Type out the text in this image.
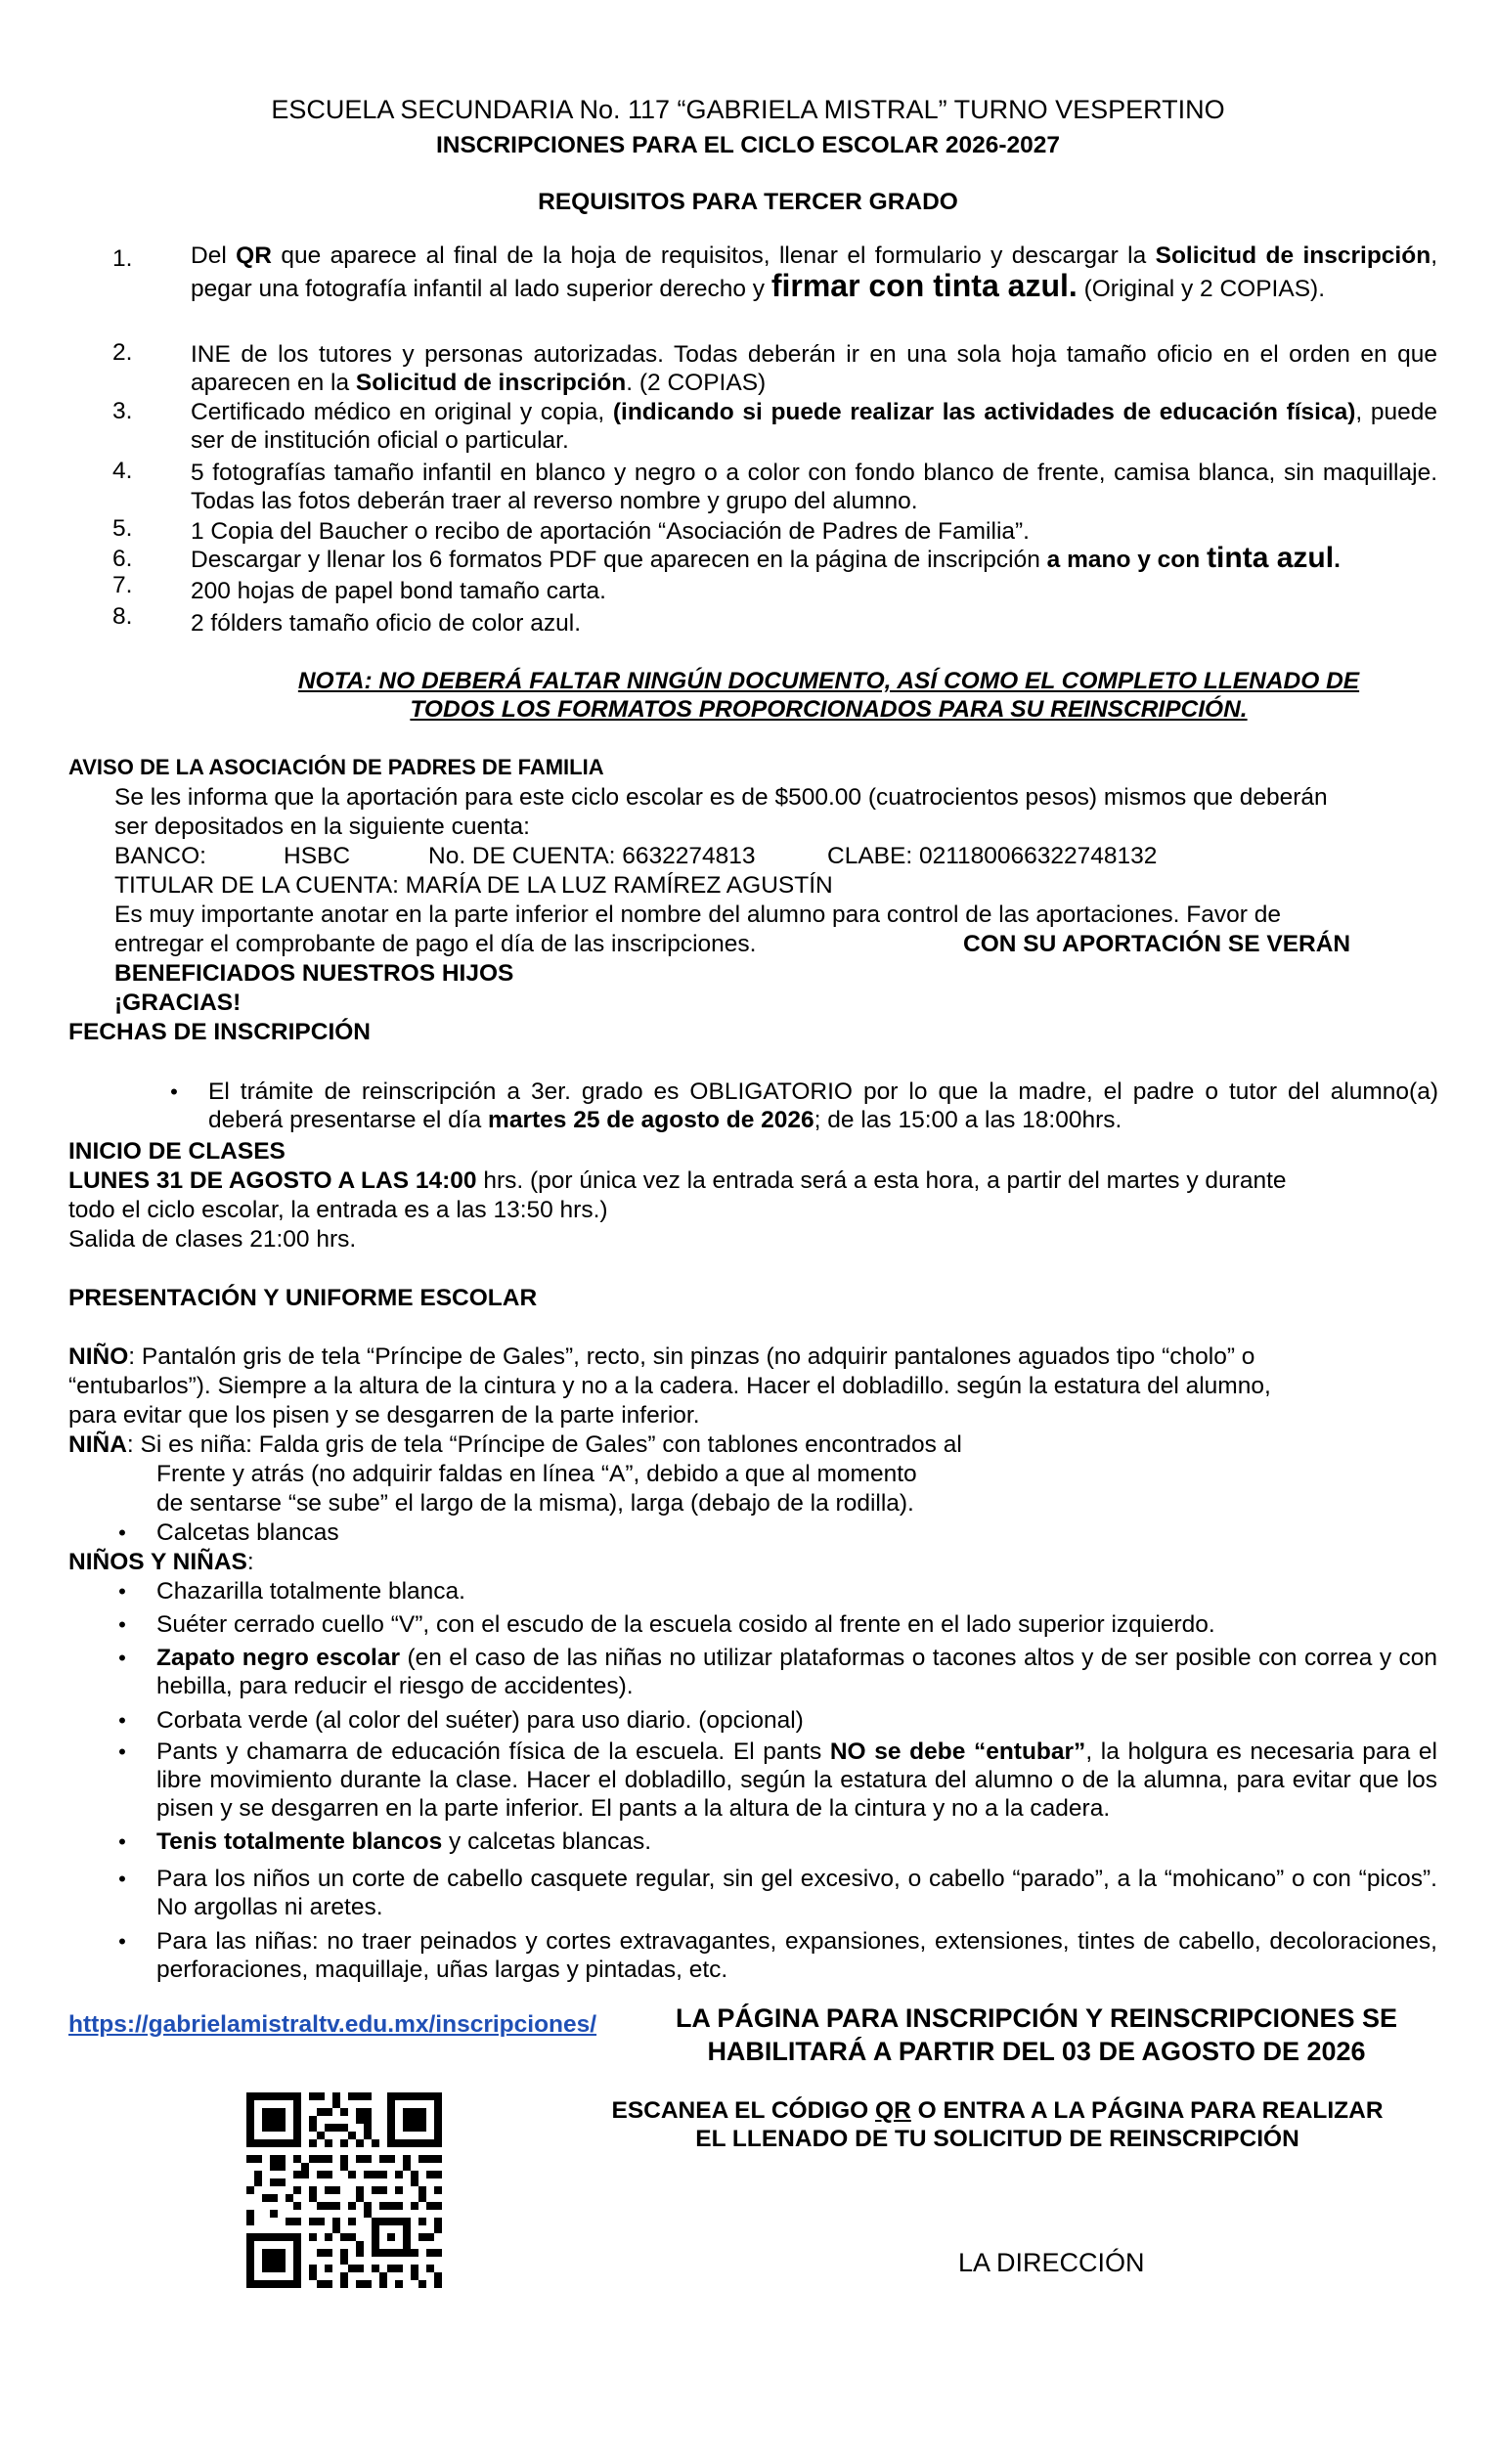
ESCUELA SECUNDARIA No. 117 “GABRIELA MISTRAL” TURNO VESPERTINO
INSCRIPCIONES PARA EL CICLO ESCOLAR 2026-2027
REQUISITOS PARA TERCER GRADO
1.	Del QR que aparece al final de la hoja de requisitos, llenar el formulario y descargar la Solicitud de inscripción, pegar una fotografía infantil al lado superior derecho y firmar con tinta azul. (Original y 2 COPIAS).
2.	INE de los tutores y personas autorizadas. Todas deberán ir en una sola hoja tamaño oficio en el orden en que aparecen en la Solicitud de inscripción. (2 COPIAS)
3.	Certificado médico en original y copia, (indicando si puede realizar las actividades de educación física), puede ser de institución oficial o particular.
4.	5 fotografías tamaño infantil en blanco y negro o a color con fondo blanco de frente, camisa blanca, sin maquillaje. Todas las fotos deberán traer al reverso nombre y grupo del alumno.
5.	1 Copia del Baucher o recibo de aportación “Asociación de Padres de Familia”.
6.	Descargar y llenar los 6 formatos PDF que aparecen en la página de inscripción a mano y con tinta azul.
7.	200 hojas de papel bond tamaño carta.
8.	2 fólders tamaño oficio de color azul.
NOTA: NO DEBERÁ FALTAR NINGÚN DOCUMENTO, ASÍ COMO EL COMPLETO LLENADO DE
TODOS LOS FORMATOS PROPORCIONADOS PARA SU REINSCRIPCIÓN.
AVISO DE LA ASOCIACIÓN DE PADRES DE FAMILIA
Se les informa que la aportación para este ciclo escolar es de $500.00 (cuatrocientos pesos) mismos que deberán
ser depositados en la siguiente cuenta:
BANCO:	HSBC	No. DE CUENTA: 6632274813	CLABE: 021180066322748132
TITULAR DE LA CUENTA: MARÍA DE LA LUZ RAMÍREZ AGUSTÍN
Es muy importante anotar en la parte inferior el nombre del alumno para control de las aportaciones. Favor de
entregar el comprobante de pago el día de las inscripciones.	CON SU APORTACIÓN SE VERÁN
BENEFICIADOS NUESTROS HIJOS
¡GRACIAS!
FECHAS DE INSCRIPCIÓN
• El trámite de reinscripción a 3er. grado es OBLIGATORIO por lo que la madre, el padre o tutor del alumno(a) deberá presentarse el día martes 25 de agosto de 2026; de las 15:00 a las 18:00hrs.
INICIO DE CLASES
LUNES 31 DE AGOSTO A LAS 14:00 hrs. (por única vez la entrada será a esta hora, a partir del martes y durante
todo el ciclo escolar, la entrada es a las 13:50 hrs.)
Salida de clases 21:00 hrs.
PRESENTACIÓN Y UNIFORME ESCOLAR
NIÑO: Pantalón gris de tela “Príncipe de Gales”, recto, sin pinzas (no adquirir pantalones aguados tipo “cholo” o
“entubarlos”). Siempre a la altura de la cintura y no a la cadera. Hacer el dobladillo. según la estatura del alumno,
para evitar que los pisen y se desgarren de la parte inferior.
NIÑA: Si es niña: Falda gris de tela “Príncipe de Gales” con tablones encontrados al
Frente y atrás (no adquirir faldas en línea “A”, debido a que al momento
de sentarse “se sube” el largo de la misma), larga (debajo de la rodilla).
• Calcetas blancas
NIÑOS Y NIÑAS:
• Chazarilla totalmente blanca.
• Suéter cerrado cuello “V”, con el escudo de la escuela cosido al frente en el lado superior izquierdo.
• Zapato negro escolar (en el caso de las niñas no utilizar plataformas o tacones altos y de ser posible con correa y con hebilla, para reducir el riesgo de accidentes).
• Corbata verde (al color del suéter) para uso diario. (opcional)
• Pants y chamarra de educación física de la escuela. El pants NO se debe “entubar”, la holgura es necesaria para el libre movimiento durante la clase. Hacer el dobladillo, según la estatura del alumno o de la alumna, para evitar que los pisen y se desgarren en la parte inferior. El pants a la altura de la cintura y no a la cadera.
• Tenis totalmente blancos y calcetas blancas.
• Para los niños un corte de cabello casquete regular, sin gel excesivo, o cabello “parado”, a la “mohicano” o con “picos”. No argollas ni aretes.
• Para las niñas: no traer peinados y cortes extravagantes, expansiones, extensiones, tintes de cabello, decoloraciones, perforaciones, maquillaje, uñas largas y pintadas, etc.
https://gabrielamistraltv.edu.mx/inscripciones/	LA PÁGINA PARA INSCRIPCIÓN Y REINSCRIPCIONES SE
HABILITARÁ A PARTIR DEL 03 DE AGOSTO DE 2026
ESCANEA EL CÓDIGO QR O ENTRA A LA PÁGINA PARA REALIZAR
EL LLENADO DE TU SOLICITUD DE REINSCRIPCIÓN
LA DIRECCIÓN
